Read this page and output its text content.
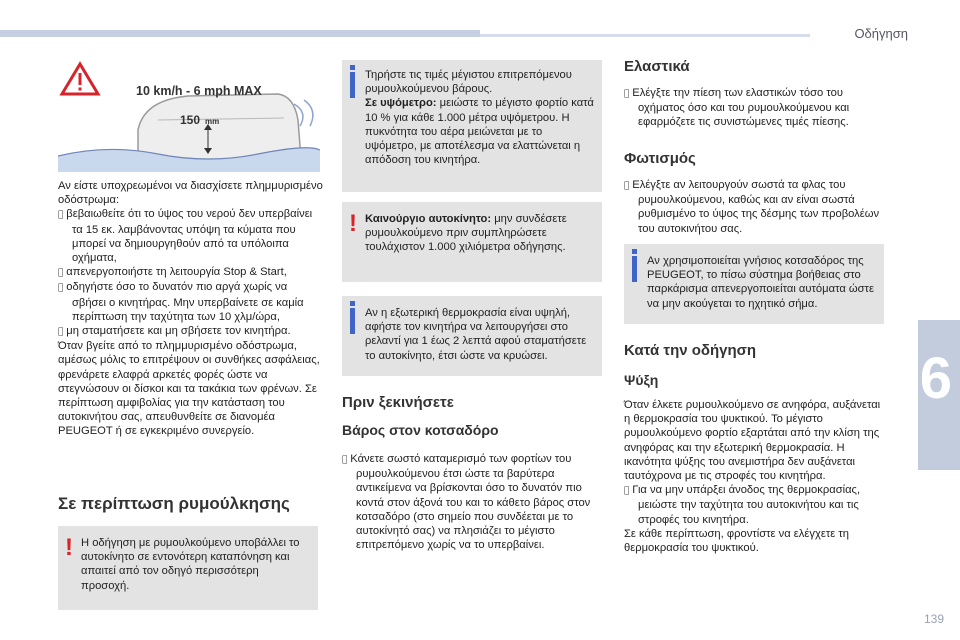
Οδήγηση
6
139
10 km/h - 6 mph MAX
150 mm

Αν είστε υποχρεωμένοι να διασχίσετε πλημμυρισμένο οδόστρωμα:

βεβαιωθείτε ότι το ύψος του νερού δεν υπερβαίνει τα 15 εκ. λαμβάνοντας υπόψη τα κύματα που μπορεί να δημιουργηθούν από τα υπόλοιπα οχήματα,

απενεργοποιήστε τη λειτουργία Stop & Start,

οδηγήστε όσο το δυνατόν πιο αργά χωρίς να σβήσει ο κινητήρας. Μην υπερβαίνετε σε καμία περίπτωση την ταχύτητα των 10 χλμ/ώρα,

μη σταματήσετε και μη σβήσετε τον κινητήρα.

Όταν βγείτε από το πλημμυρισμένο οδόστρωμα, αμέσως μόλις το επιτρέψουν οι συνθήκες ασφάλειας, φρενάρετε ελαφρά αρκετές φορές ώστε να στεγνώσουν οι δίσκοι και τα τακάκια των φρένων. Σε περίπτωση αμφιβολίας για την κατάσταση του αυτοκινήτου σας, απευθυνθείτε σε διανομέα PEUGEOT ή σε εγκεκριμένο συνεργείο.

Σε περίπτωση ρυμούλκησης
! Η οδήγηση με ρυμουλκούμενο υποβάλλει το αυτοκίνητο σε εντονότερη καταπόνηση και απαιτεί από τον οδηγό περισσότερη προσοχή.

Τηρήστε τις τιμές μέγιστου επιτρεπόμενου ρυμουλκούμενου βάρους.
Σε υψόμετρο: μειώστε το μέγιστο φορτίο κατά 10 % για κάθε 1.000 μέτρα υψόμετρου. Η πυκνότητα του αέρα μειώνεται με το υψόμετρο, με αποτέλεσμα να ελαττώνεται η απόδοση του κινητήρα.

! Καινούργιο αυτοκίνητο: μην συνδέσετε ρυμουλκούμενο πριν συμπληρώσετε τουλάχιστον 1.000 χιλιόμετρα οδήγησης.

Αν η εξωτερική θερμοκρασία είναι υψηλή, αφήστε τον κινητήρα να λειτουργήσει στο ρελαντί για 1 έως 2 λεπτά αφού σταματήσετε το αυτοκίνητο, έτσι ώστε να κρυώσει.

Πριν ξεκινήσετε
Βάρος στον κοτσαδόρο

Κάνετε σωστό καταμερισμό των φορτίων του ρυμουλκούμενου έτσι ώστε τα βαρύτερα αντικείμενα να βρίσκονται όσο το δυνατόν πιο κοντά στον άξονά του και το κάθετο βάρος στον κοτσαδόρο (στο σημείο που συνδέεται με το αυτοκίνητό σας) να πλησιάζει το μέγιστο επιτρεπόμενο χωρίς να το υπερβαίνει.

Ελαστικά

Ελέγξτε την πίεση των ελαστικών τόσο του οχήματος όσο και του ρυμουλκούμενου και εφαρμόζετε τις συνιστώμενες τιμές πίεσης.

Φωτισμός

Ελέγξτε αν λειτουργούν σωστά τα φλας του ρυμουλκούμενου, καθώς και αν είναι σωστά ρυθμισμένο το ύψος της δέσμης των προβολέων του αυτοκινήτου σας.

Αν χρησιμοποιείται γνήσιος κοτσαδόρος της PEUGEOT, το πίσω σύστημα βοήθειας στο παρκάρισμα απενεργοποιείται αυτόματα ώστε να μην ακούγεται το ηχητικό σήμα.

Κατά την οδήγηση
Ψύξη

Όταν έλκετε ρυμουλκούμενο σε ανηφόρα, αυξάνεται η θερμοκρασία του ψυκτικού. Το μέγιστο ρυμουλκούμενο φορτίο εξαρτάται από την κλίση της ανηφόρας και την εξωτερική θερμοκρασία. Η ικανότητα ψύξης του ανεμιστήρα δεν αυξάνεται ταυτόχρονα με τις στροφές του κινητήρα.

Για να μην υπάρξει άνοδος της θερμοκρασίας, μειώστε την ταχύτητα του αυτοκινήτου και τις στροφές του κινητήρα.

Σε κάθε περίπτωση, φροντίστε να ελέγχετε τη θερμοκρασία του ψυκτικού.
